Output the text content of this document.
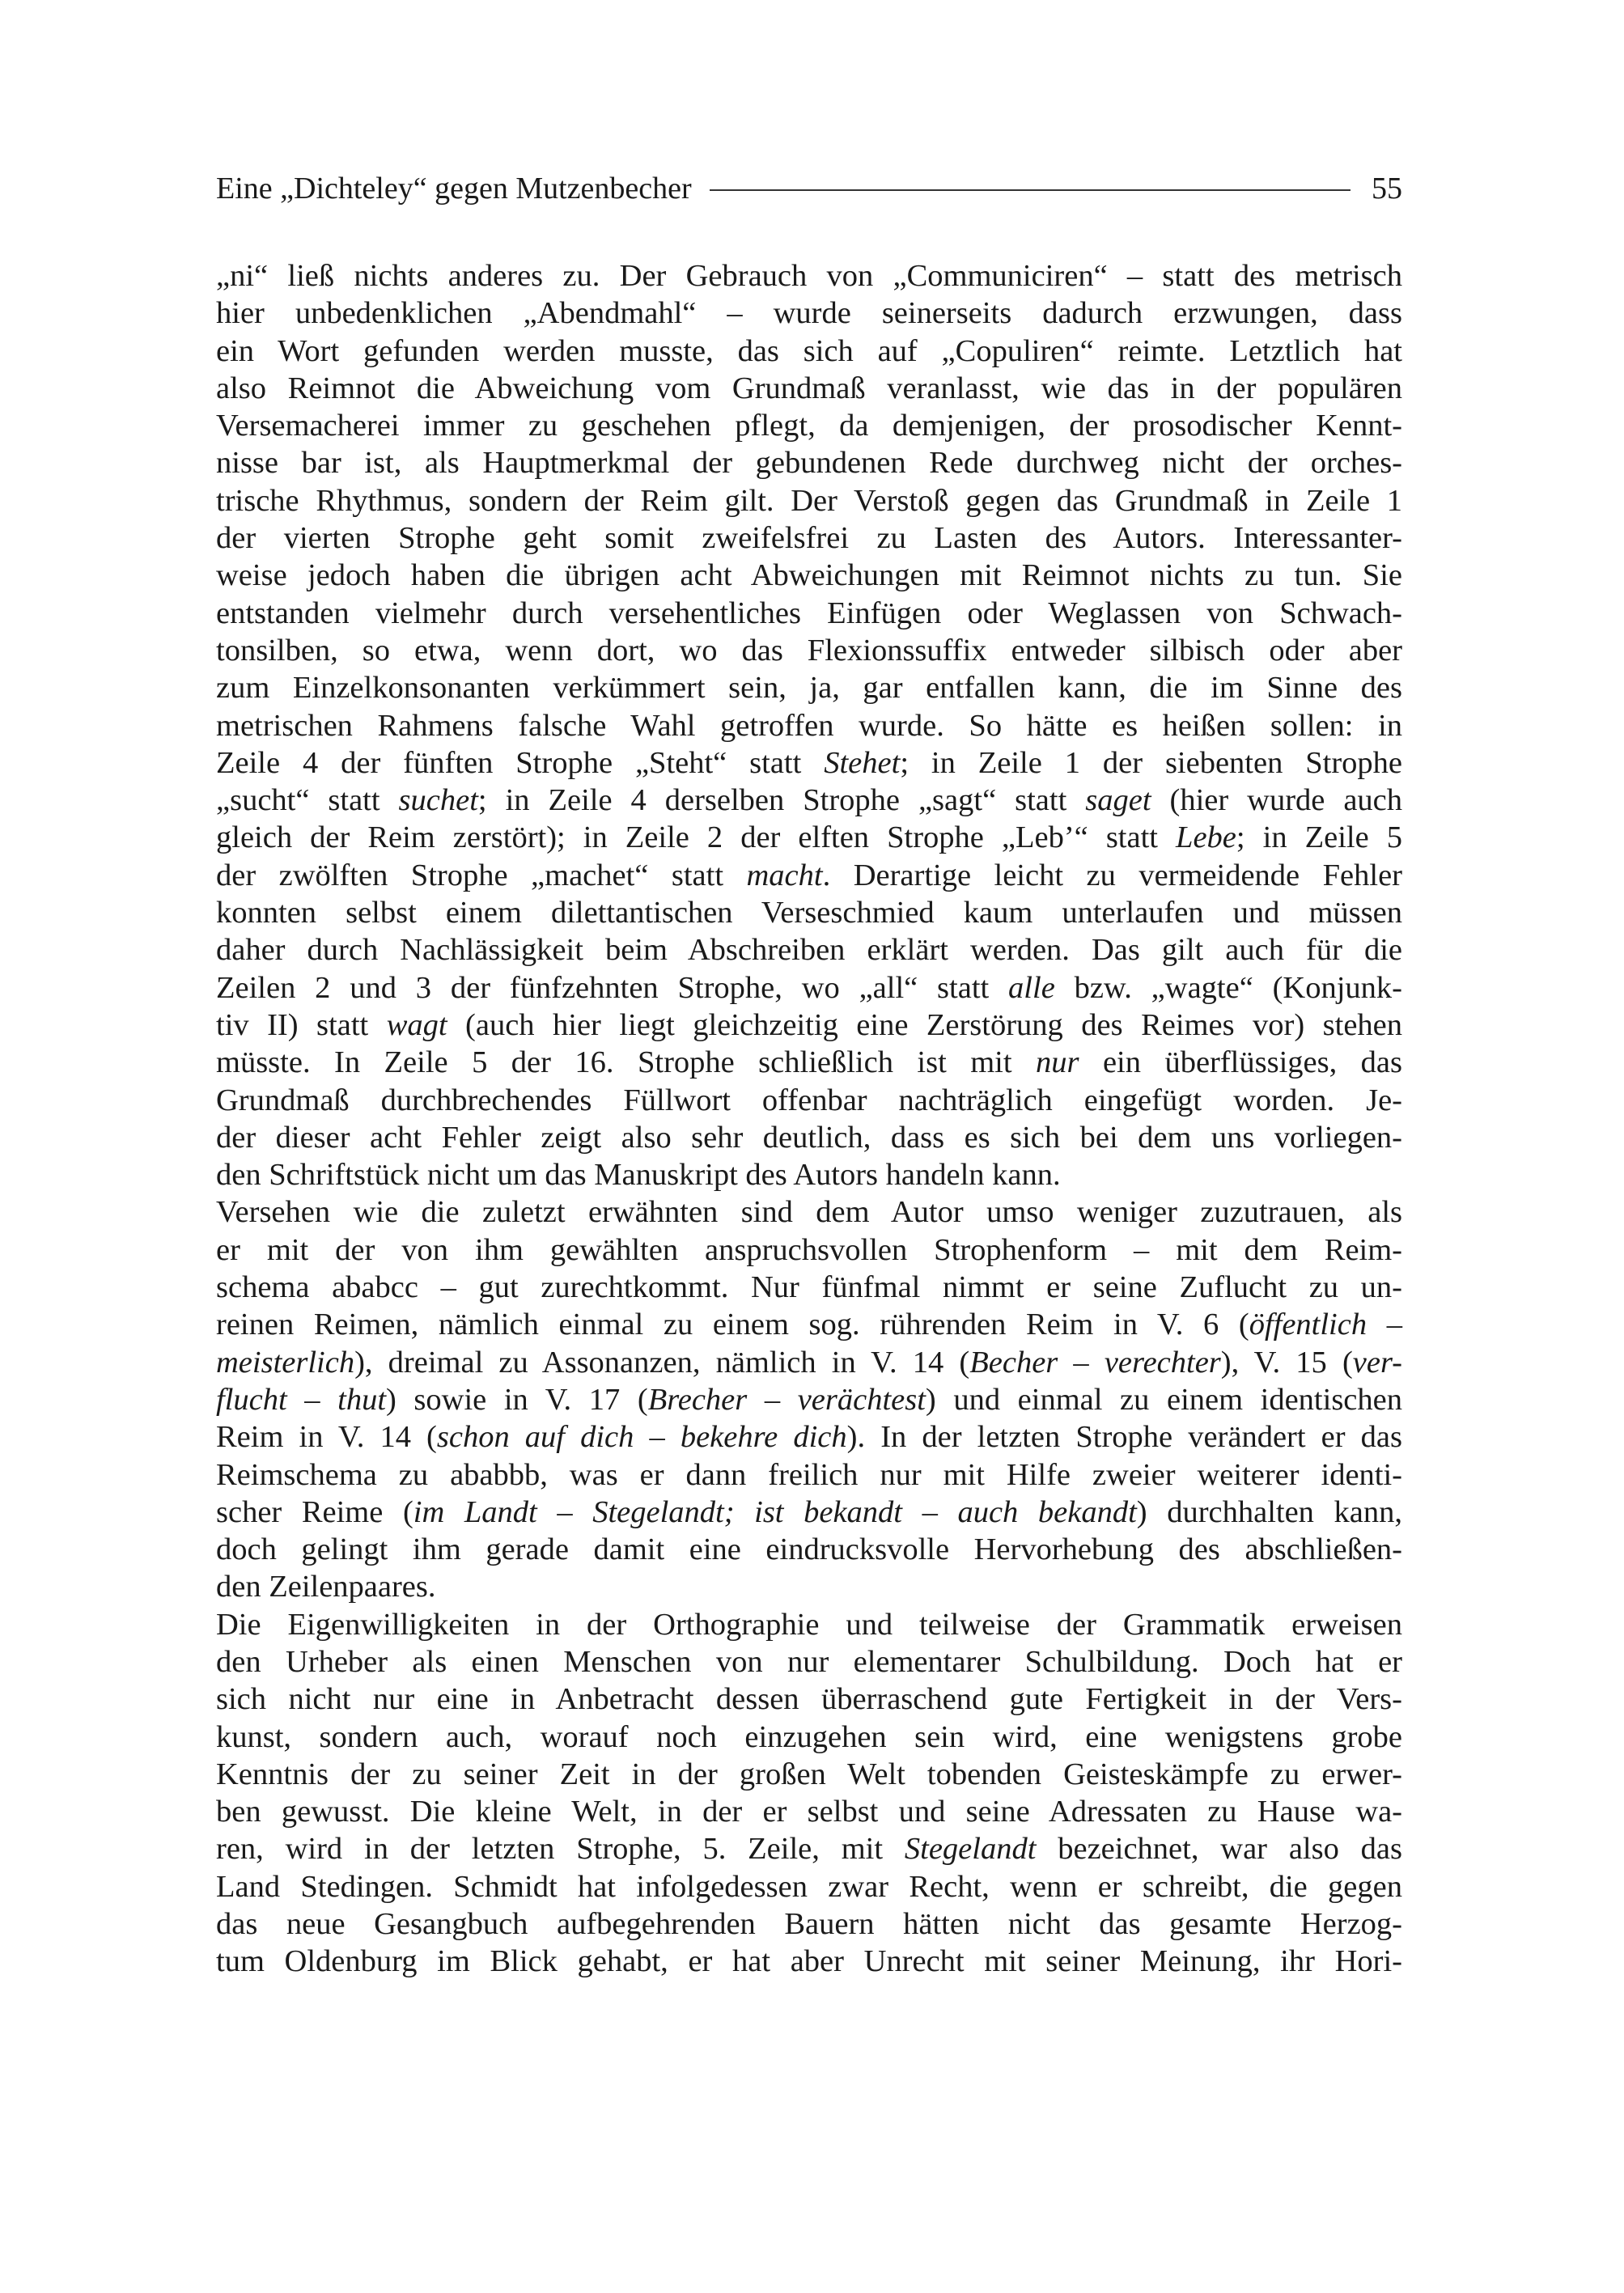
Eine „Dichteley“ gegen Mutzenbecher	55
„ni“ ließ nichts anderes zu. Der Gebrauch von „Communiciren“ – statt des metrisch
hier unbedenklichen „Abendmahl“ – wurde seinerseits dadurch erzwungen, dass
ein Wort gefunden werden musste, das sich auf „Copuliren“ reimte. Letztlich hat
also Reimnot die Abweichung vom Grundmaß veranlasst, wie das in der populären
Versemacherei immer zu geschehen pflegt, da demjenigen, der prosodischer Kennt-
nisse bar ist, als Hauptmerkmal der gebundenen Rede durchweg nicht der orches-
trische Rhythmus, sondern der Reim gilt. Der Verstoß gegen das Grundmaß in Zeile 1
der vierten Strophe geht somit zweifelsfrei zu Lasten des Autors. Interessanter-
weise jedoch haben die übrigen acht Abweichungen mit Reimnot nichts zu tun. Sie
entstanden vielmehr durch versehentliches Einfügen oder Weglassen von Schwach-
tonsilben, so etwa, wenn dort, wo das Flexionssuffix entweder silbisch oder aber
zum Einzelkonsonanten verkümmert sein, ja, gar entfallen kann, die im Sinne des
metrischen Rahmens falsche Wahl getroffen wurde. So hätte es heißen sollen: in
Zeile 4 der fünften Strophe „Steht“ statt Stehet; in Zeile 1 der siebenten Strophe
„sucht“ statt suchet; in Zeile 4 derselben Strophe „sagt“ statt saget (hier wurde auch
gleich der Reim zerstört); in Zeile 2 der elften Strophe „Leb’“ statt Lebe; in Zeile 5
der zwölften Strophe „machet“ statt macht. Derartige leicht zu vermeidende Fehler
konnten selbst einem dilettantischen Verseschmied kaum unterlaufen und müssen
daher durch Nachlässigkeit beim Abschreiben erklärt werden. Das gilt auch für die
Zeilen 2 und 3 der fünfzehnten Strophe, wo „all“ statt alle bzw. „wagte“ (Konjunk-
tiv II) statt wagt (auch hier liegt gleichzeitig eine Zerstörung des Reimes vor) stehen
müsste. In Zeile 5 der 16. Strophe schließlich ist mit nur ein überflüssiges, das
Grundmaß durchbrechendes Füllwort offenbar nachträglich eingefügt worden. Je-
der dieser acht Fehler zeigt also sehr deutlich, dass es sich bei dem uns vorliegen-
den Schriftstück nicht um das Manuskript des Autors handeln kann.
Versehen wie die zuletzt erwähnten sind dem Autor umso weniger zuzutrauen, als
er mit der von ihm gewählten anspruchsvollen Strophenform – mit dem Reim-
schema ababcc – gut zurechtkommt. Nur fünfmal nimmt er seine Zuflucht zu un-
reinen Reimen, nämlich einmal zu einem sog. rührenden Reim in V. 6 (öffentlich –
meisterlich), dreimal zu Assonanzen, nämlich in V. 14 (Becher – verechter), V. 15 (ver-
flucht – thut) sowie in V. 17 (Brecher – verächtest) und einmal zu einem identischen
Reim in V. 14 (schon auf dich – bekehre dich). In der letzten Strophe verändert er das
Reimschema zu ababbb, was er dann freilich nur mit Hilfe zweier weiterer identi-
scher Reime (im Landt – Stegelandt; ist bekandt – auch bekandt) durchhalten kann,
doch gelingt ihm gerade damit eine eindrucksvolle Hervorhebung des abschließen-
den Zeilenpaares.
Die Eigenwilligkeiten in der Orthographie und teilweise der Grammatik erweisen
den Urheber als einen Menschen von nur elementarer Schulbildung. Doch hat er
sich nicht nur eine in Anbetracht dessen überraschend gute Fertigkeit in der Vers-
kunst, sondern auch, worauf noch einzugehen sein wird, eine wenigstens grobe
Kenntnis der zu seiner Zeit in der großen Welt tobenden Geisteskämpfe zu erwer-
ben gewusst. Die kleine Welt, in der er selbst und seine Adressaten zu Hause wa-
ren, wird in der letzten Strophe, 5. Zeile, mit Stegelandt bezeichnet, war also das
Land Stedingen. Schmidt hat infolgedessen zwar Recht, wenn er schreibt, die gegen
das neue Gesangbuch aufbegehrenden Bauern hätten nicht das gesamte Herzog-
tum Oldenburg im Blick gehabt, er hat aber Unrecht mit seiner Meinung, ihr Hori-
